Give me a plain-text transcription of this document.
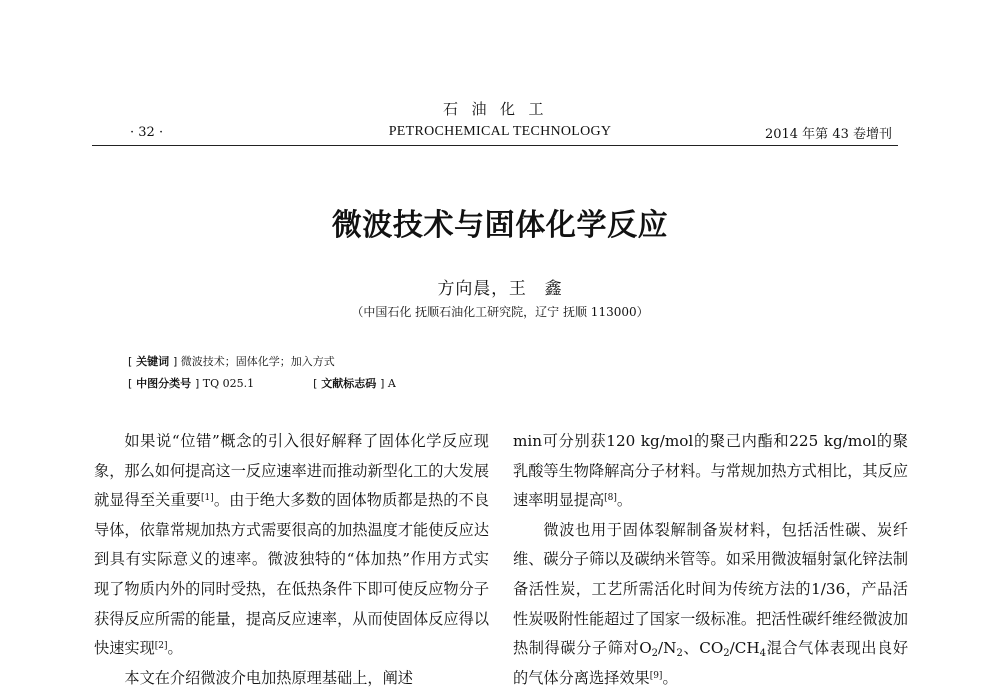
石油化工
· 32 ·	PETROCHEMICAL TECHNOLOGY	2014 年第 43 卷增刊
微波技术与固体化学反应
方向晨，王　鑫
（中国石化 抚顺石油化工研究院，辽宁 抚顺 113000）
[ 关键词 ] 微波技术；固体化学；加入方式
[ 中图分类号 ] TQ 025.1	[ 文献标志码 ] A

如果说“位错”概念的引入很好解释了固体化学反应现象，那么如何提高这一反应速率进而推动新型化工的大发展就显得至关重要[1]。由于绝大多数的固体物质都是热的不良导体，依靠常规加热方式需要很高的加热温度才能使反应达到具有实际意义的速率。微波独特的“体加热”作用方式实现了物质内外的同时受热，在低热条件下即可使反应物分子获得反应所需的能量，提高反应速率，从而使固体反应得以快速实现[2]。

本文在介绍微波介电加热原理基础上，阐述

min可分别获120 kg/mol的聚己内酯和225 kg/mol的聚乳酸等生物降解高分子材料。与常规加热方式相比，其反应速率明显提高[8]。

微波也用于固体裂解制备炭材料，包括活性碳、炭纤维、碳分子筛以及碳纳米管等。如采用微波辐射氯化锌法制备活性炭，工艺所需活化时间为传统方法的1/36，产品活性炭吸附性能超过了国家一级标准。把活性碳纤维经微波加热制得碳分子筛对$O_2/N_2$、$CO_2/CH_4$混合气体表现出良好的气体分离选择效果[9]。
